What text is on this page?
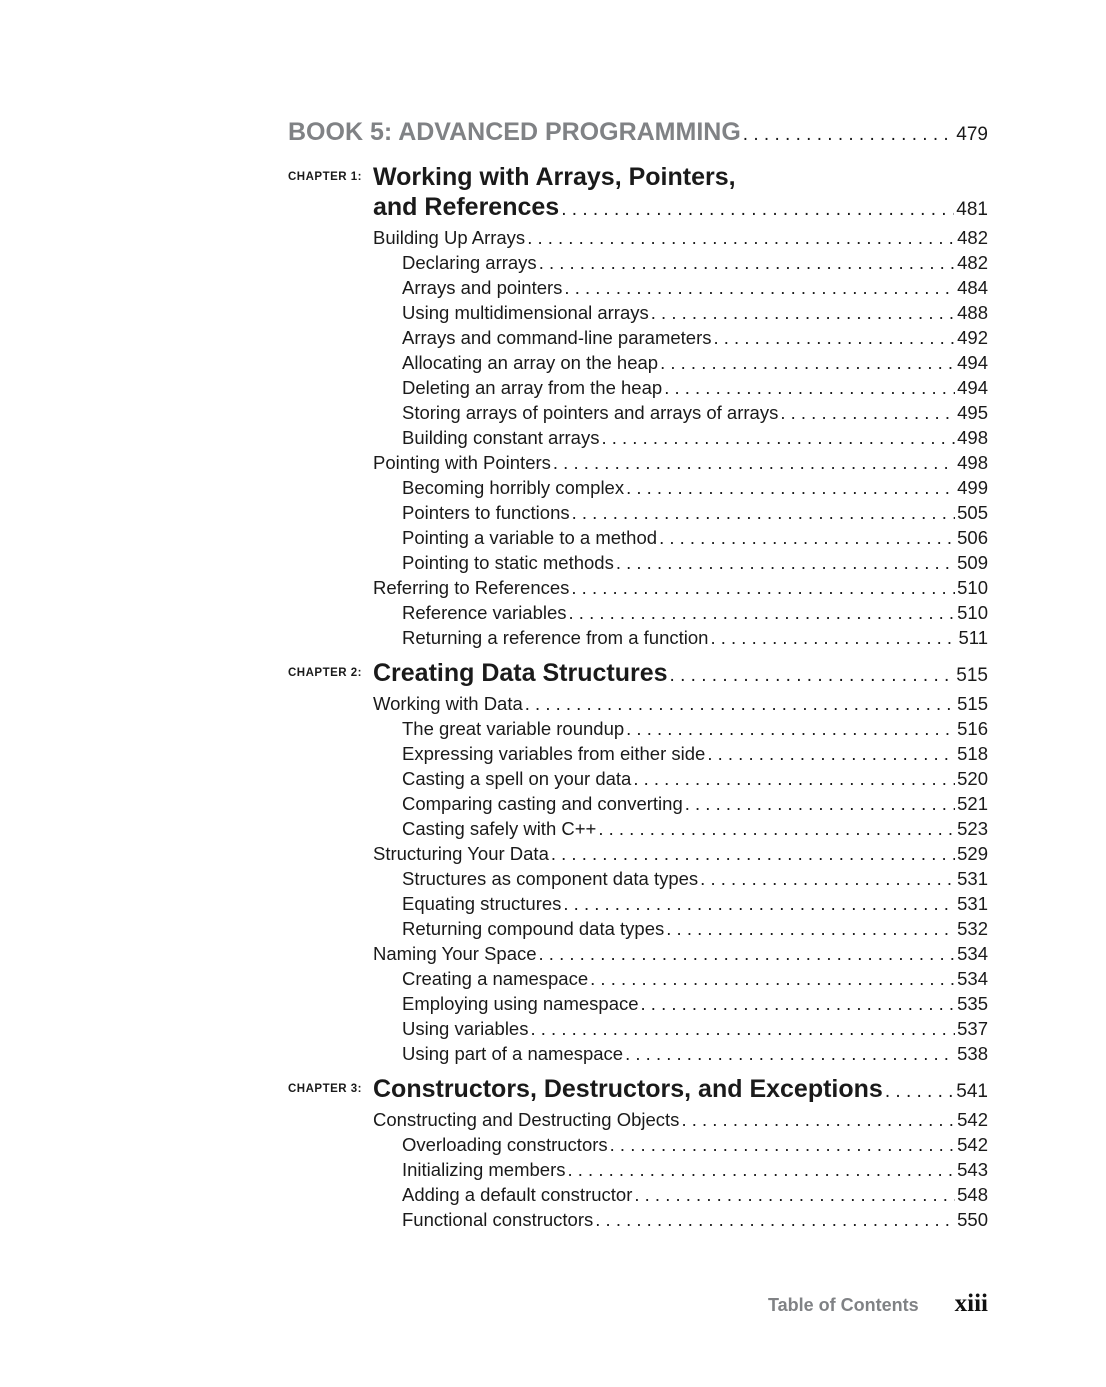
BOOK 5: ADVANCED PROGRAMMING . . .	479
CHAPTER 1: Working with Arrays, Pointers,
and References . . .	481
Building Up Arrays . . .	482
Declaring arrays . . .	482
Arrays and pointers . . .	484
Using multidimensional arrays . . .	488
Arrays and command-line parameters . . .	492
Allocating an array on the heap . . .	494
Deleting an array from the heap . . .	494
Storing arrays of pointers and arrays of arrays . . .	495
Building constant arrays . . .	498
Pointing with Pointers . . .	498
Becoming horribly complex . . .	499
Pointers to functions . . .	505
Pointing a variable to a method . . .	506
Pointing to static methods . . .	509
Referring to References . . .	510
Reference variables . . .	510
Returning a reference from a function . . .	511
CHAPTER 2: Creating Data Structures . . .	515
Working with Data . . .	515
The great variable roundup . . .	516
Expressing variables from either side . . .	518
Casting a spell on your data . . .	520
Comparing casting and converting . . .	521
Casting safely with C++ . . .	523
Structuring Your Data . . .	529
Structures as component data types . . .	531
Equating structures . . .	531
Returning compound data types . . .	532
Naming Your Space . . .	534
Creating a namespace . . .	534
Employing using namespace . . .	535
Using variables . . .	537
Using part of a namespace . . .	538
CHAPTER 3: Constructors, Destructors, and Exceptions . . .	541
Constructing and Destructing Objects . . .	542
Overloading constructors . . .	542
Initializing members . . .	543
Adding a default constructor . . .	548
Functional constructors . . .	550
Table of Contents xiii
